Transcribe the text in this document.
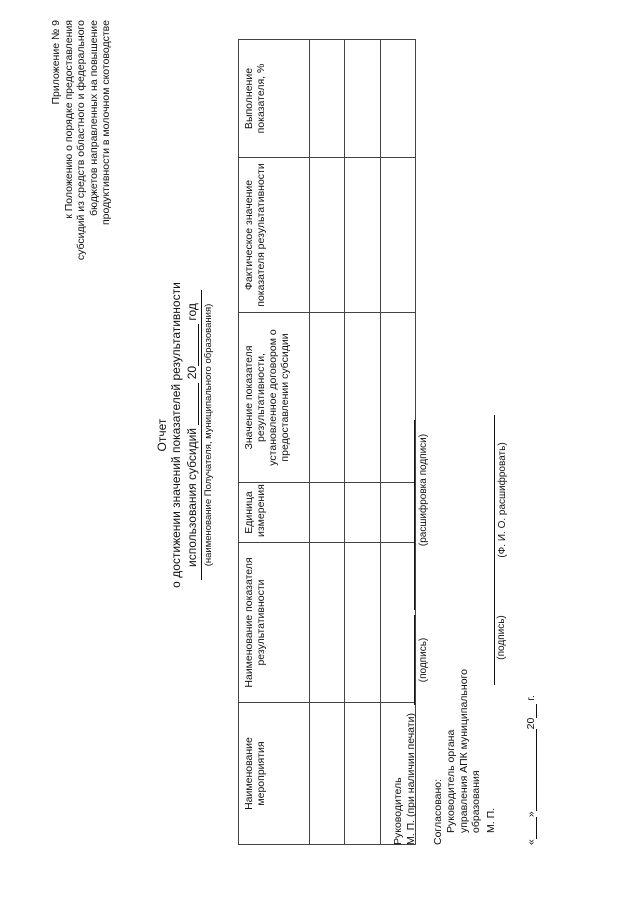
Приложение № 9 к Положению о порядке предоставления субсидий из средств областного и федерального бюджетов направленных на повышение продуктивности в молочном скотоводстве
Отчет о достижении значений показателей результативности использования субсидий  20 год (наименование Получателя, муниципального образования)
Наименование мероприятия	Наименование показателя результативности	Единица измерения	Значение показателя результативности, установленное договором о предоставлении субсидии	Фактическое значение показателя результативности	Выполнение показателя, %

Руководитель М. П. (при наличии печати)
(подпись)
(расшифровка подписи)
Согласовано: Руководитель органа управления АПК муниципального образования М. П.
(подпись)
(Ф. И. О. расшифровать)
«»20 г.
